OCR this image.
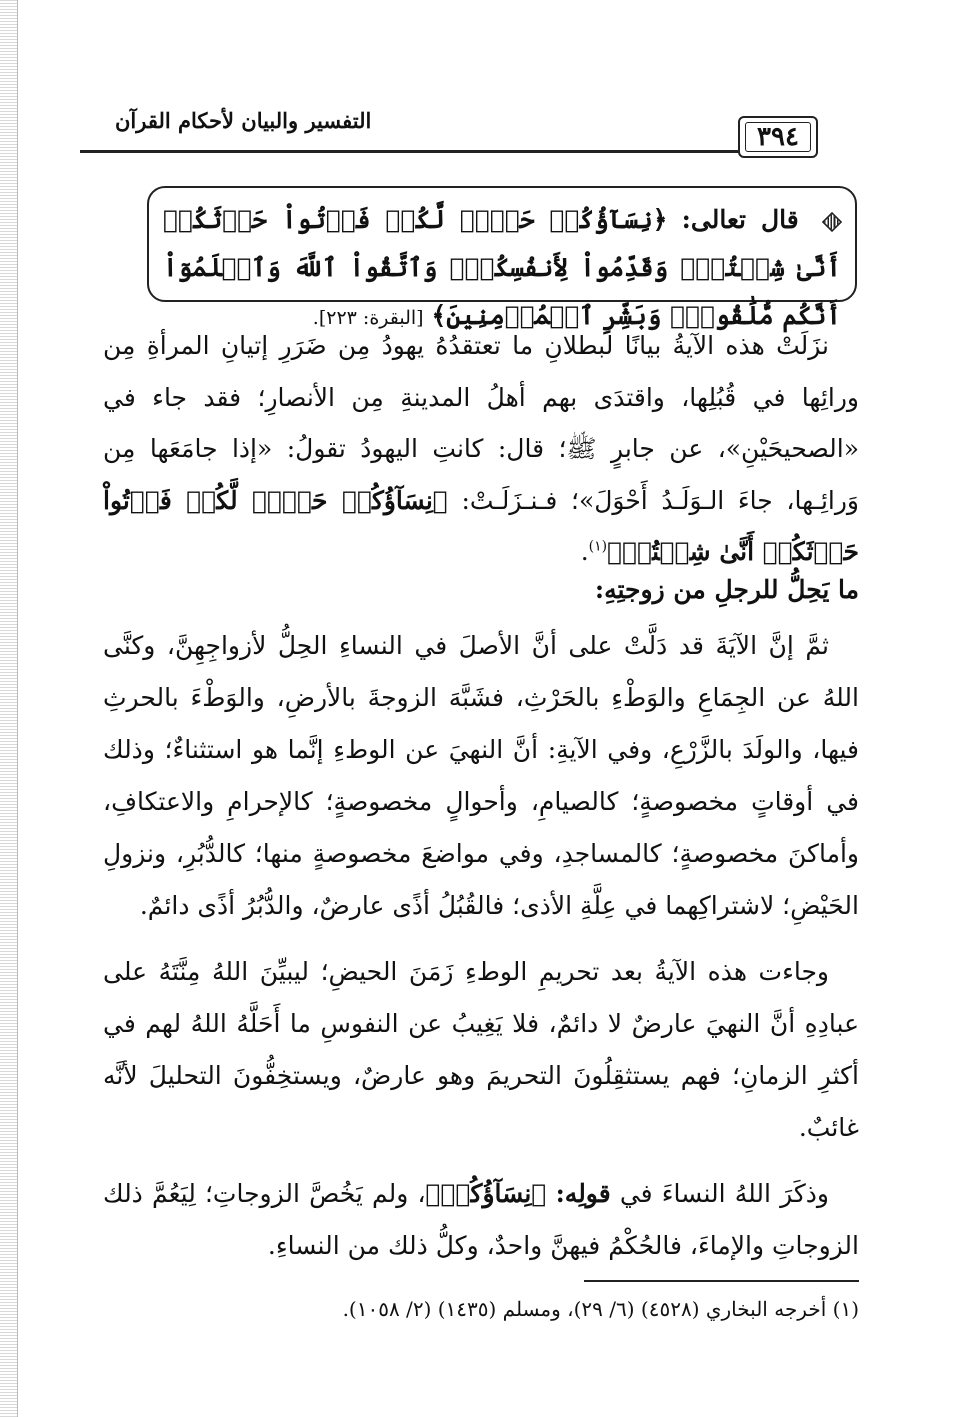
التفسير والبيان لأحكام القرآن
٣٩٤
قال تعالى: ﴿نِسَآؤُكُمۡ حَرۡثٞ لَّكُمۡ فَأۡتُواْ حَرۡثَكُمۡ أَنَّىٰ شِئۡتُمۡۖ وَقَدِّمُواْ لِأَنفُسِكُمۡۚ وَٱتَّقُواْ ٱللَّهَ وَٱعۡلَمُوٓاْ أَنَّكُم مُّلَٰقُوهُۗ وَبَشِّرِ ٱلۡمُؤۡمِنِينَ﴾ [البقرة: ٢٢٣].

نزَلَتْ هذه الآيةُ بيانًا لبطلانِ ما تعتقدُهُ يهودُ مِن ضَرَرِ إتيانِ المرأةِ مِن ورائِها في قُبُلِها، واقتدَى بهم أهلُ المدينةِ مِن الأنصارِ؛ فقد جاء في «الصحيحَيْنِ»، عن جابرٍ ﷺ؛ قال: كانتِ اليهودُ تقولُ: «إذا جامَعَها مِن وَرائِـها، جاءَ الـوَلَـدُ أَحْوَلَ»؛ فـنـزَلَـتْ: ﴿نِسَآؤُكُمۡ حَرۡثٞ لَّكُمۡ فَأۡتُواْ حَرۡثَكُمۡ أَنَّىٰ شِئۡتُمۡ﴾$^{(١)}$.

ما يَحِلُّ للرجلِ من زوجتِهِ:

ثمَّ إنَّ الآيَةَ قد دَلَّتْ على أنَّ الأصلَ في النساءِ الحِلُّ لأزواجِهِنَّ، وكنَّى اللهُ عن الجِمَاعِ والوَطْءِ بالحَرْثِ، فشَبَّهَ الزوجةَ بالأرضِ، والوَطْءَ بالحرثِ فيها، والولَدَ بالزَّرْعِ، وفي الآيةِ: أنَّ النهيَ عن الوطءِ إنَّما هو استثناءٌ؛ وذلك في أوقاتٍ مخصوصةٍ؛ كالصيامِ، وأحوالٍ مخصوصةٍ؛ كالإحرامِ والاعتكافِ، وأماكنَ مخصوصةٍ؛ كالمساجدِ، وفي مواضعَ مخصوصةٍ منها؛ كالدُّبُرِ، ونزولِ الحَيْضِ؛ لاشتراكِهما في عِلَّةِ الأذى؛ فالقُبُلُ أذًى عارضٌ، والدُّبُرُ أذًى دائمٌ.

وجاءت هذه الآيةُ بعد تحريمِ الوطءِ زَمَنَ الحيضِ؛ ليبيِّنَ اللهُ مِنَّتَهُ على عبادِهِ أنَّ النهيَ عارضٌ لا دائمٌ، فلا يَغِيبُ عن النفوسِ ما أَحَلَّهُ اللهُ لهم في أكثرِ الزمانِ؛ فهم يستثقِلُونَ التحريمَ وهو عارضٌ، ويستخِفُّونَ التحليلَ لأنَّه غائبٌ.

وذكَرَ اللهُ النساءَ في قولِه: ﴿نِسَآؤُكُمۡ﴾، ولم يَخُصَّ الزوجاتِ؛ لِيَعُمَّ ذلك الزوجاتِ والإماءَ، فالحُكْمُ فيهنَّ واحدٌ، وكلُّ ذلك من النساءِ.

(١) أخرجه البخاري (٤٥٢٨) (٦/ ٢٩)، ومسلم (١٤٣٥) (٢/ ١٠٥٨).
